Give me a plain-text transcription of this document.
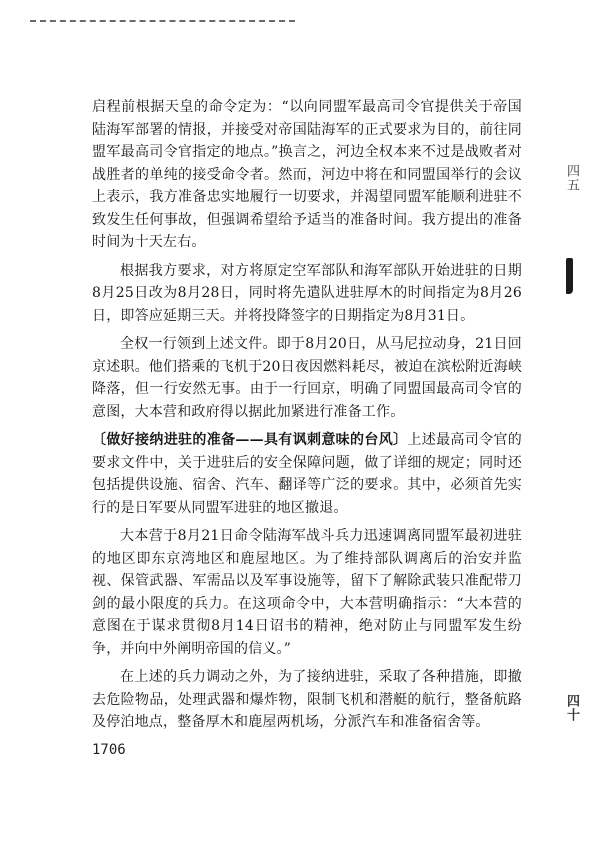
启程前根据天皇的命令定为：“以向同盟军最高司令官提供关于帝国陆海军部署的情报，并接受对帝国陆海军的正式要求为目的，前往同盟军最高司令官指定的地点。”换言之，河边全权本来不过是战败者对战胜者的单纯的接受命令者。然而，河边中将在和同盟国举行的会议上表示，我方准备忠实地履行一切要求，并渴望同盟军能顺利进驻不致发生任何事故，但强调希望给予适当的准备时间。我方提出的准备时间为十天左右。

根据我方要求，对方将原定空军部队和海军部队开始进驻的日期8月25日改为8月28日，同时将先遣队进驻厚木的时间指定为8月26日，即答应延期三天。并将投降签字的日期指定为8月31日。

全权一行领到上述文件。即于8月20日，从马尼拉动身，21日回京述职。他们搭乘的飞机于20日夜因燃料耗尽，被迫在滨松附近海峡降落，但一行安然无事。由于一行回京，明确了同盟国最高司令官的意图，大本营和政府得以据此加紧进行准备工作。

〔做好接纳进驻的准备——具有讽刺意味的台风〕上述最高司令官的要求文件中，关于进驻后的安全保障问题，做了详细的规定；同时还包括提供设施、宿舍、汽车、翻译等广泛的要求。其中，必须首先实行的是日军要从同盟军进驻的地区撤退。

大本营于8月21日命令陆海军战斗兵力迅速调离同盟军最初进驻的地区即东京湾地区和鹿屋地区。为了维持部队调离后的治安并监视、保管武器、军需品以及军事设施等，留下了解除武装只准配带刀剑的最小限度的兵力。在这项命令中，大本营明确指示：“大本营的意图在于谋求贯彻8月14日诏书的精神，绝对防止与同盟军发生纷争，并向中外阐明帝国的信义。”

在上述的兵力调动之外，为了接纳进驻，采取了各种措施，即撤去危险物品，处理武器和爆炸物，限制飞机和潜艇的航行，整备航路及停泊地点，整备厚木和鹿屋两机场，分派汽车和准备宿舍等。

1706
四五
四十
